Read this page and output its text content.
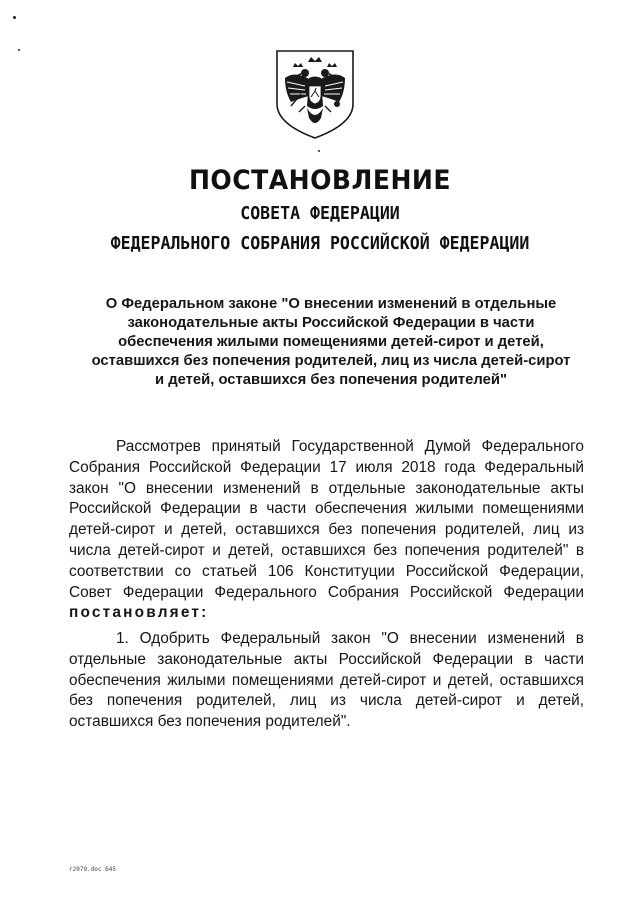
ПОСТАНОВЛЕНИЕ
СОВЕТА ФЕДЕРАЦИИ
ФЕДЕРАЛЬНОГО СОБРАНИЯ РОССИЙСКОЙ ФЕДЕРАЦИИ
О Федеральном законе "О внесении изменений в отдельные законодательные акты Российской Федерации в части обеспечения жилыми помещениями детей-сирот и детей, оставшихся без попечения родителей, лиц из числа детей-сирот и детей, оставшихся без попечения родителей"
Рассмотрев принятый Государственной Думой Федерального Собрания Российской Федерации 17 июля 2018 года Федеральный закон "О внесении изменений в отдельные законодательные акты Российской Федерации в части обеспечения жилыми помещениями детей-сирот и детей, оставшихся без попечения родителей, лиц из числа детей-сирот и детей, оставшихся без попечения родителей" в соответствии со статьей 106 Конституции Российской Федерации, Совет Федерации Федерального Собрания Российской Федерации постановляет:
1. Одобрить Федеральный закон "О внесении изменений в отдельные законодательные акты Российской Федерации в части обеспечения жилыми помещениями детей-сирот и детей, оставшихся без попечения родителей, лиц из числа детей-сирот и детей, оставшихся без попечения родителей".
r2079.doc 645
